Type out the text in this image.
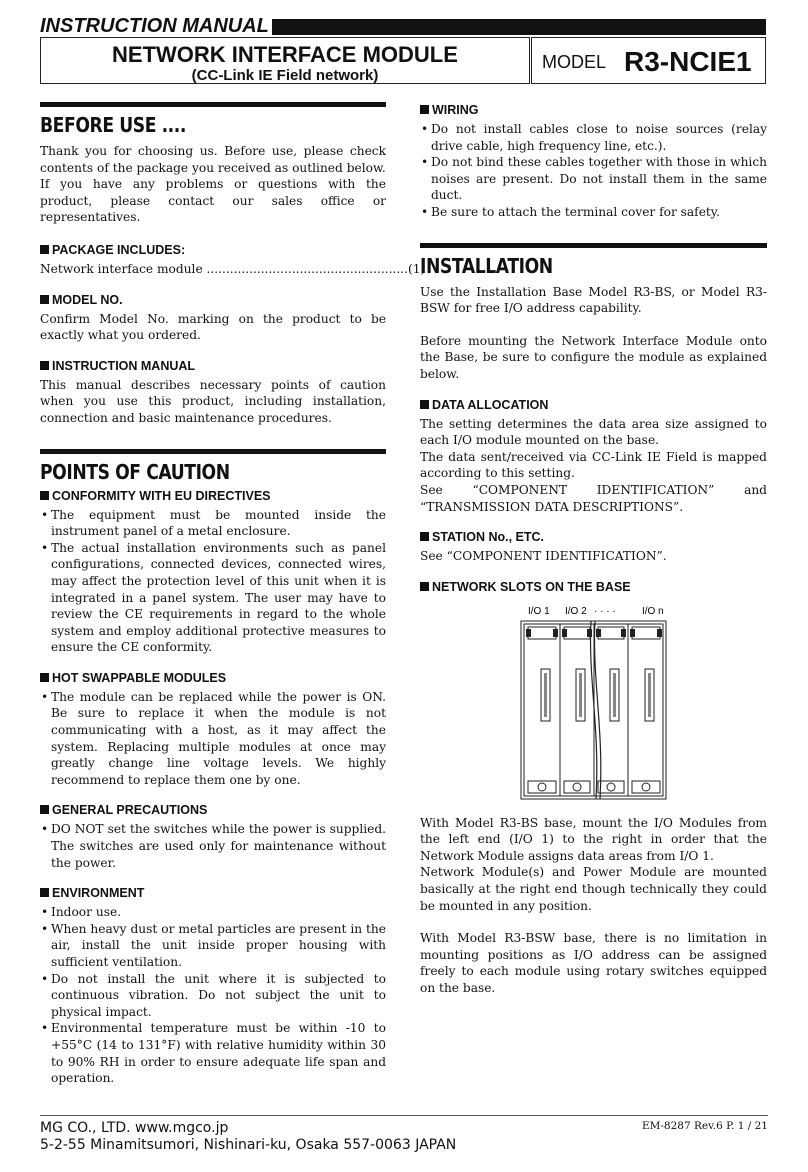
INSTRUCTION MANUAL
NETWORK INTERFACE MODULE
(CC-Link IE Field network)
MODEL R3-NCIE1
BEFORE USE ....

Thank you for choosing us. Before use, please check contents of the package you received as outlined below.

If you have any problems or questions with the product, please contact our sales office or representatives.

PACKAGE INCLUDES:

Network interface module ....................................................(1)

MODEL NO.

Confirm Model No. marking on the product to be exactly what you ordered.

INSTRUCTION MANUAL

This manual describes necessary points of caution when you use this product, including installation, connection and basic maintenance procedures.

POINTS OF CAUTION
CONFORMITY WITH EU DIRECTIVES
• The equipment must be mounted inside the instrument panel of a metal enclosure.
• The actual installation environments such as panel configurations, connected devices, connected wires, may affect the protection level of this unit when it is integrated in a panel system. The user may have to review the CE requirements in regard to the whole system and employ additional protective measures to ensure the CE conformity.
HOT SWAPPABLE MODULES
• The module can be replaced while the power is ON. Be sure to replace it when the module is not communicating with a host, as it may affect the system. Replacing multiple modules at once may greatly change line voltage levels. We highly recommend to replace them one by one.
GENERAL PRECAUTIONS
• DO NOT set the switches while the power is supplied. The switches are used only for maintenance without the power.
ENVIRONMENT
• Indoor use.
• When heavy dust or metal particles are present in the air, install the unit inside proper housing with sufficient ventilation.
• Do not install the unit where it is subjected to continuous vibration. Do not subject the unit to physical impact.
• Environmental temperature must be within -10 to +55°C (14 to 131°F) with relative humidity within 30 to 90% RH in order to ensure adequate life span and operation.
WIRING
• Do not install cables close to noise sources (relay drive cable, high frequency line, etc.).
• Do not bind these cables together with those in which noises are present. Do not install them in the same duct.
• Be sure to attach the terminal cover for safety.
INSTALLATION

Use the Installation Base Model R3-BS, or Model R3-BSW for free I/O address capability.

Before mounting the Network Interface Module onto the Base, be sure to configure the module as explained below.

DATA ALLOCATION

The setting determines the data area size assigned to each I/O module mounted on the base.

The data sent/received via CC-Link IE Field is mapped according to this setting.

See “COMPONENT IDENTIFICATION” and “TRANSMISSION DATA DESCRIPTIONS”.

STATION No., ETC.

See “COMPONENT IDENTIFICATION”.

NETWORK SLOTS ON THE BASE
I/O 1 I/O 2 · · · ·	I/O n

With Model R3-BS base, mount the I/O Modules from the left end (I/O 1) to the right in order that the Network Module assigns data areas from I/O 1.

Network Module(s) and Power Module are mounted basically at the right end though technically they could be mounted in any position.

With Model R3-BSW base, there is no limitation in mounting positions as I/O address can be assigned freely to each module using rotary switches equipped on the base.

MG CO., LTD. www.mgco.jp
5-2-55 Minamitsumori, Nishinari-ku, Osaka 557-0063 JAPAN
EM-8287 Rev.6 P. 1 / 21
